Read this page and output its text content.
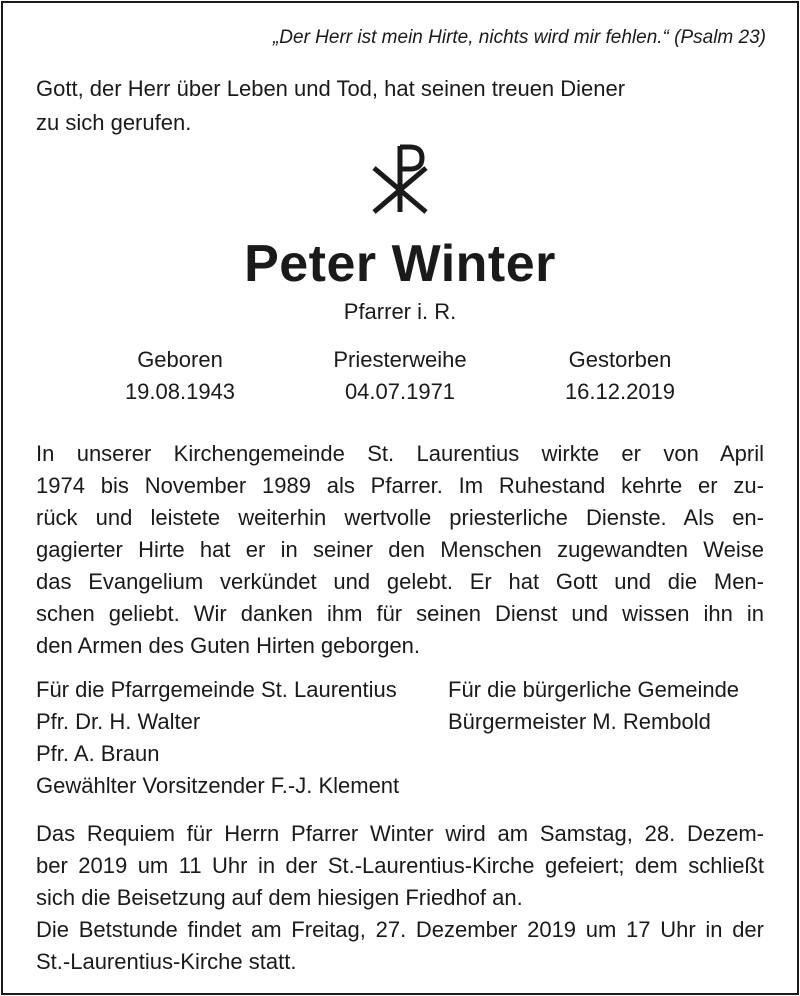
„Der Herr ist mein Hirte, nichts wird mir fehlen.“ (Psalm 23)
Gott, der Herr über Leben und Tod, hat seinen treuen Diener
zu sich gerufen.
Peter Winter
Pfarrer i. R.
Geboren
19.08.1943
Priesterweihe
04.07.1971
Gestorben
16.12.2019
In unserer Kirchengemeinde St. Laurentius wirkte er von April
1974 bis November 1989 als Pfarrer. Im Ruhestand kehrte er zu-
rück und leistete weiterhin wertvolle priesterliche Dienste. Als en-
gagierter Hirte hat er in seiner den Menschen zugewandten Weise
das Evangelium verkündet und gelebt. Er hat Gott und die Men-
schen geliebt. Wir danken ihm für seinen Dienst und wissen ihn in
den Armen des Guten Hirten geborgen.
Für die Pfarrgemeinde St. Laurentius
Pfr. Dr. H. Walter
Pfr. A. Braun
Gewählter Vorsitzender F.-J. Klement
Für die bürgerliche Gemeinde
Bürgermeister M. Rembold
Das Requiem für Herrn Pfarrer Winter wird am Samstag, 28. Dezem-
ber 2019 um 11 Uhr in der St.-Laurentius-Kirche gefeiert; dem schließt
sich die Beisetzung auf dem hiesigen Friedhof an.
Die Betstunde findet am Freitag, 27. Dezember 2019 um 17 Uhr in der
St.-Laurentius-Kirche statt.
